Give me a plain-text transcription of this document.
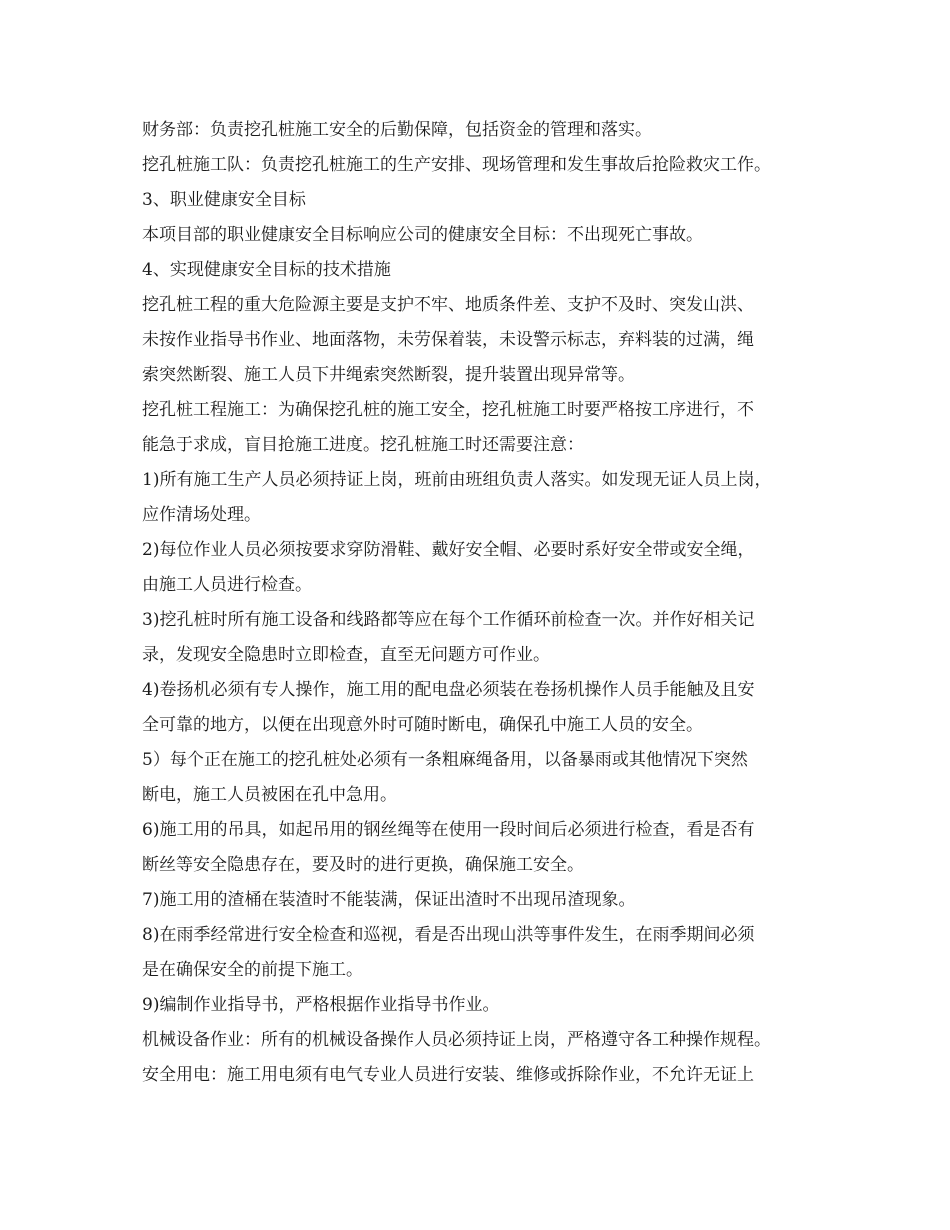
财务部：负责挖孔桩施工安全的后勤保障，包括资金的管理和落实。
挖孔桩施工队：负责挖孔桩施工的生产安排、现场管理和发生事故后抢险救灾工作。
3、职业健康安全目标
本项目部的职业健康安全目标响应公司的健康安全目标：不出现死亡事故。
4、实现健康安全目标的技术措施
挖孔桩工程的重大危险源主要是支护不牢、地质条件差、支护不及时、突发山洪、
未按作业指导书作业、地面落物，未劳保着装，未设警示标志，弃料装的过满，绳
索突然断裂、施工人员下井绳索突然断裂，提升装置出现异常等。
挖孔桩工程施工：为确保挖孔桩的施工安全，挖孔桩施工时要严格按工序进行，不
能急于求成，盲目抢施工进度。挖孔桩施工时还需要注意：
1)所有施工生产人员必须持证上岗，班前由班组负责人落实。如发现无证人员上岗，
应作清场处理。
2)每位作业人员必须按要求穿防滑鞋、戴好安全帽、必要时系好安全带或安全绳，
由施工人员进行检查。
3)挖孔桩时所有施工设备和线路都等应在每个工作循环前检查一次。并作好相关记
录，发现安全隐患时立即检查，直至无问题方可作业。
4)卷扬机必须有专人操作，施工用的配电盘必须装在卷扬机操作人员手能触及且安
全可靠的地方，以便在出现意外时可随时断电，确保孔中施工人员的安全。
5）每个正在施工的挖孔桩处必须有一条粗麻绳备用，以备暴雨或其他情况下突然
断电，施工人员被困在孔中急用。
6)施工用的吊具，如起吊用的钢丝绳等在使用一段时间后必须进行检查，看是否有
断丝等安全隐患存在，要及时的进行更换，确保施工安全。
7)施工用的渣桶在装渣时不能装满，保证出渣时不出现吊渣现象。
8)在雨季经常进行安全检查和巡视，看是否出现山洪等事件发生，在雨季期间必须
是在确保安全的前提下施工。
9)编制作业指导书，严格根据作业指导书作业。
机械设备作业：所有的机械设备操作人员必须持证上岗，严格遵守各工种操作规程。
安全用电：施工用电须有电气专业人员进行安装、维修或拆除作业，不允许无证上
